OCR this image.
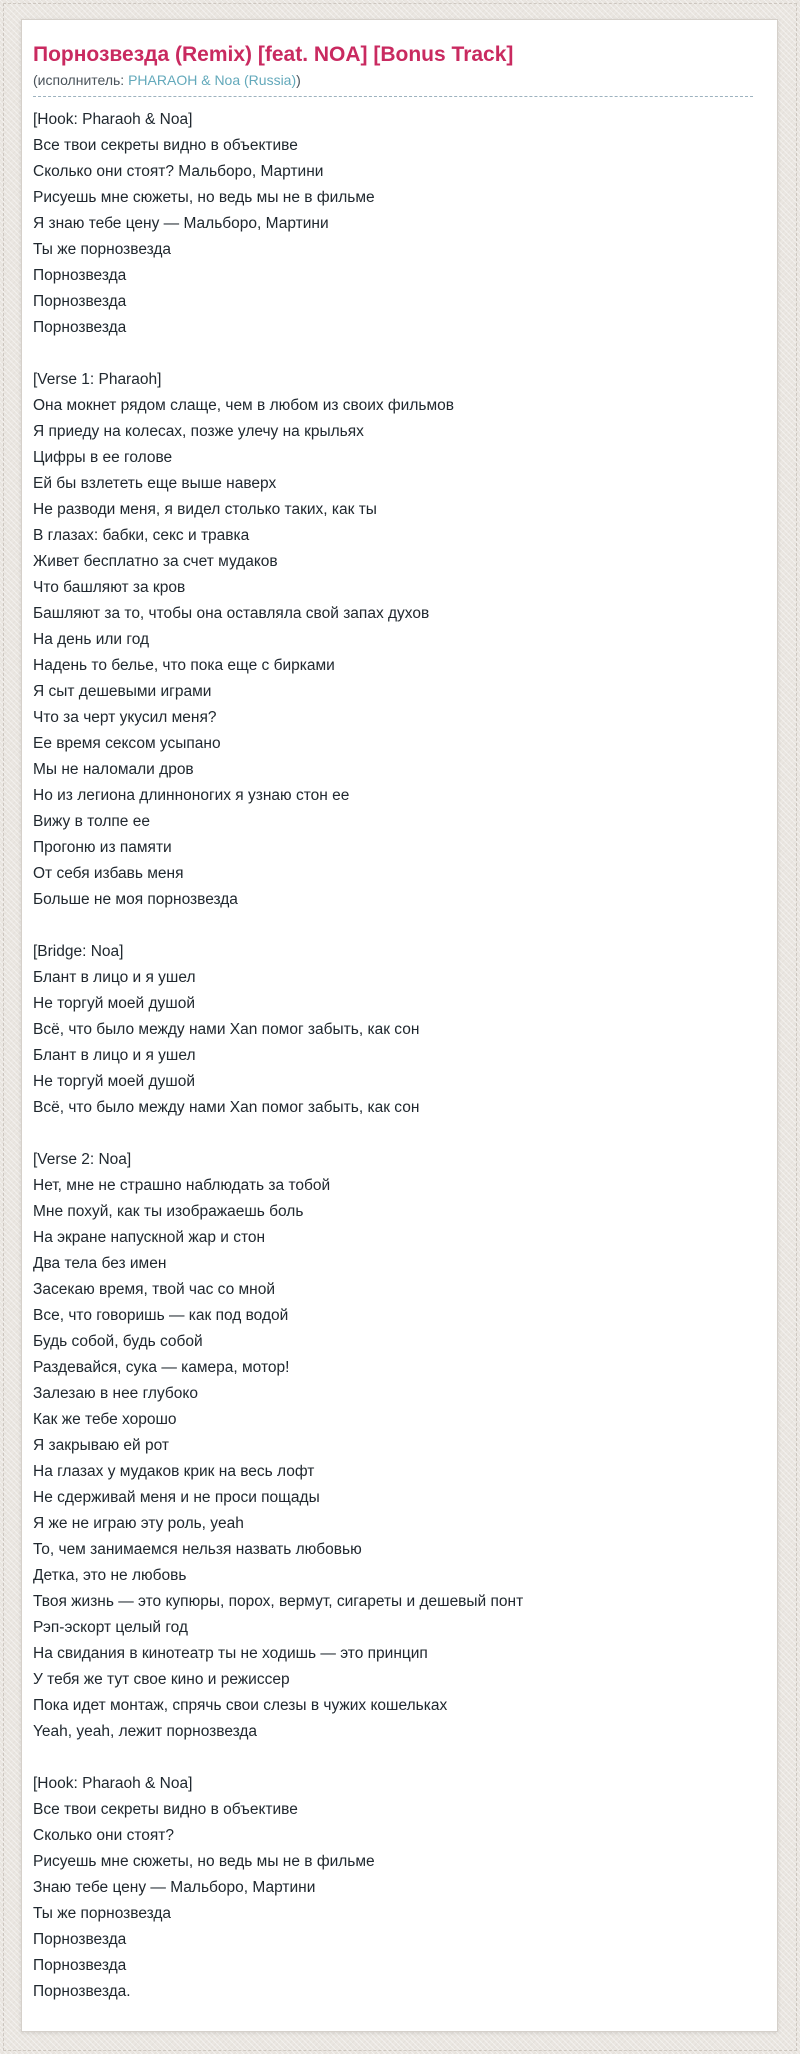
Порнозвезда (Remix) [feat. NOA] [Bonus Track]
(исполнитель: PHARAOH & Noa (Russia))
[Hook: Pharaoh & Noa]
Все твои секреты видно в объективе
Сколько они стоят? Мальборо, Мартини
Рисуешь мне сюжеты, но ведь мы не в фильме
Я знаю тебе цену — Мальборо, Мартини
Ты же порнозвезда
Порнозвезда
Порнозвезда
Порнозвезда
[Verse 1: Pharaoh]
Она мокнет рядом слаще, чем в любом из своих фильмов
Я приеду на колесах, позже улечу на крыльях
Цифры в ее голове
Ей бы взлететь еще выше наверх
Не разводи меня, я видел столько таких, как ты
В глазах: бабки, секс и травка
Живет бесплатно за счет мудаков
Что башляют за кров
Башляют за то, чтобы она оставляла свой запах духов
На день или год
Надень то белье, что пока еще с бирками
Я сыт дешевыми играми
Что за черт укусил меня?
Ее время сексом усыпано
Мы не наломали дров
Но из легиона длинноногих я узнаю стон ее
Вижу в толпе ее
Прогоню из памяти
От себя избавь меня
Больше не моя порнозвезда
[Bridge: Noa]
Блант в лицо и я ушел
Не торгуй моей душой
Всё, что было между нами Xan помог забыть, как сон
Блант в лицо и я ушел
Не торгуй моей душой
Всё, что было между нами Xan помог забыть, как сон
[Verse 2: Noa]
Нет, мне не страшно наблюдать за тобой
Мне похуй, как ты изображаешь боль
На экране напускной жар и стон
Два тела без имен
Засекаю время, твой час со мной
Все, что говоришь — как под водой
Будь собой, будь собой
Раздевайся, сука — камера, мотор!
Залезаю в нее глубоко
Как же тебе хорошо
Я закрываю ей рот
На глазах у мудаков крик на весь лофт
Не сдерживай меня и не проси пощады
Я же не играю эту роль, yeah
То, чем занимаемся нельзя назвать любовью
Детка, это не любовь
Твоя жизнь — это купюры, порох, вермут, сигареты и дешевый понт
Рэп-эскорт целый год
На свидания в кинотеатр ты не ходишь — это принцип
У тебя же тут свое кино и режиссер
Пока идет монтаж, спрячь свои слезы в чужих кошельках
Yeah, yeah, лежит порнозвезда
[Hook: Pharaoh & Noa]
Все твои секреты видно в объективе
Сколько они стоят?
Рисуешь мне сюжеты, но ведь мы не в фильме
Знаю тебе цену — Мальборо, Мартини
Ты же порнозвезда
Порнозвезда
Порнозвезда
Порнозвезда.
